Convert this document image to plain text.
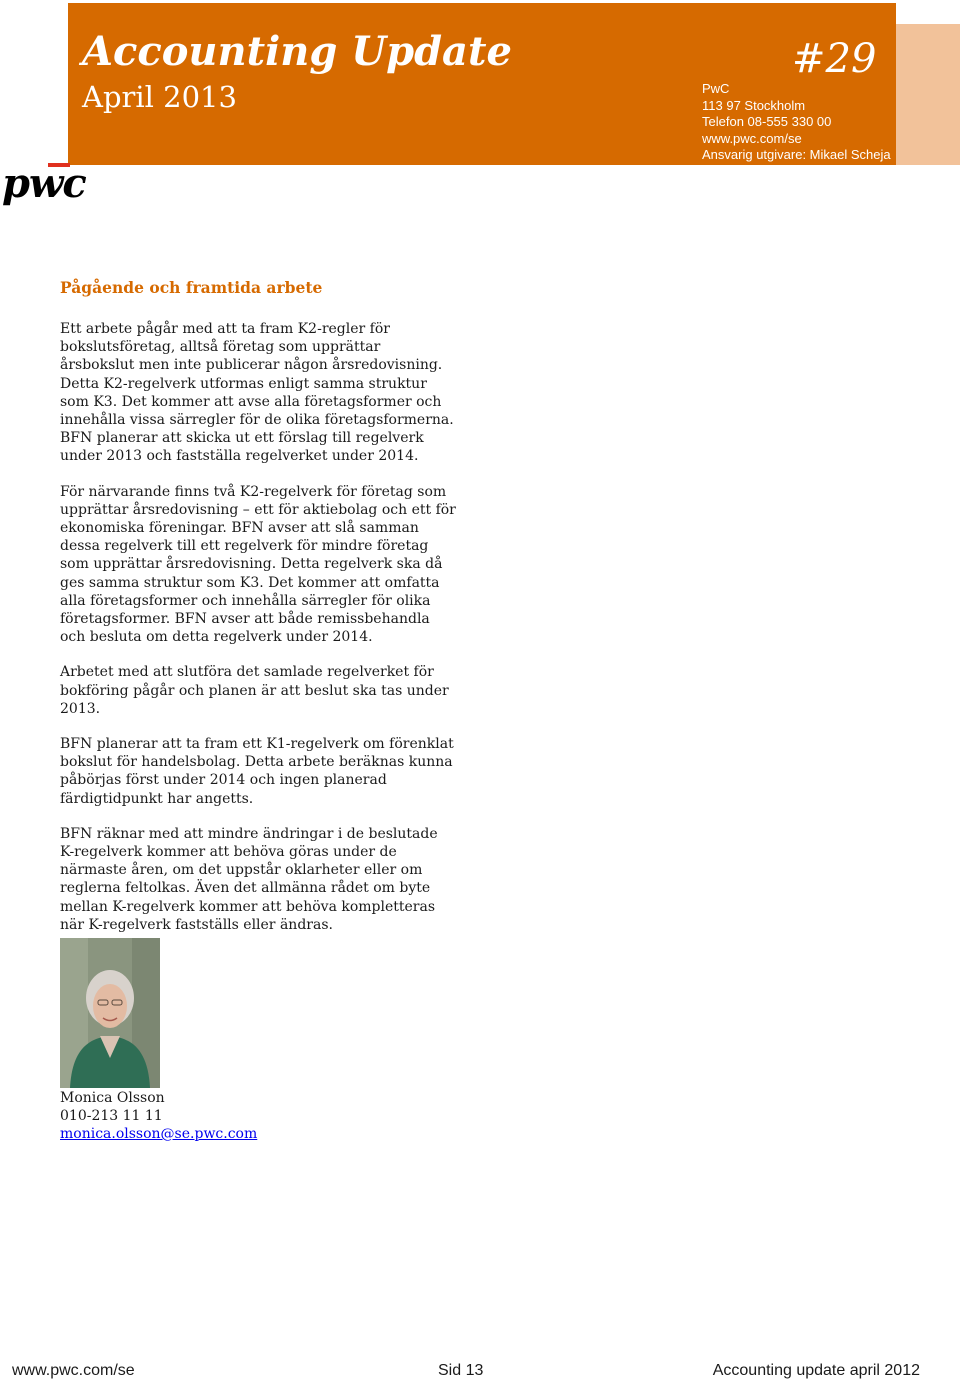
Accounting Update
April 2013
#29
PwC
113 97 Stockholm
Telefon 08-555 330 00
www.pwc.com/se
Ansvarig utgivare: Mikael Scheja
pwc
Pågående och framtida arbete

Ett arbete pågår med att ta fram K2-regler för bokslutsföretag, alltså företag som upprättar årsbokslut men inte publicerar någon årsredovisning. Detta K2-regelverk utformas enligt samma struktur som K3. Det kommer att avse alla företagsformer och innehålla vissa särregler för de olika företagsformerna. BFN planerar att skicka ut ett förslag till regelverk under 2013 och fastställa regelverket under 2014.

För närvarande finns två K2-regelverk för företag som upprättar årsredovisning – ett för aktiebolag och ett för ekonomiska föreningar. BFN avser att slå samman dessa regelverk till ett regelverk för mindre företag som upprättar årsredovisning. Detta regelverk ska då ges samma struktur som K3. Det kommer att omfatta alla företagsformer och innehålla särregler för olika företagsformer. BFN avser att både remissbehandla och besluta om detta regelverk under 2014.

Arbetet med att slutföra det samlade regelverket för bokföring pågår och planen är att beslut ska tas under 2013.

BFN planerar att ta fram ett K1-regelverk om förenklat bokslut för handelsbolag. Detta arbete beräknas kunna påbörjas först under 2014 och ingen planerad färdigtidpunkt har angetts.

BFN räknar med att mindre ändringar i de beslutade K-regelverk kommer att behöva göras under de närmaste åren, om det uppstår oklarheter eller om reglerna feltolkas. Även det allmänna rådet om byte mellan K-regelverk kommer att behöva kompletteras när K-regelverk fastställs eller ändras.

Monica Olsson
010-213 11 11
monica.olsson@se.pwc.com
www.pwc.com/se	Sid 13	Accounting update april 2012
